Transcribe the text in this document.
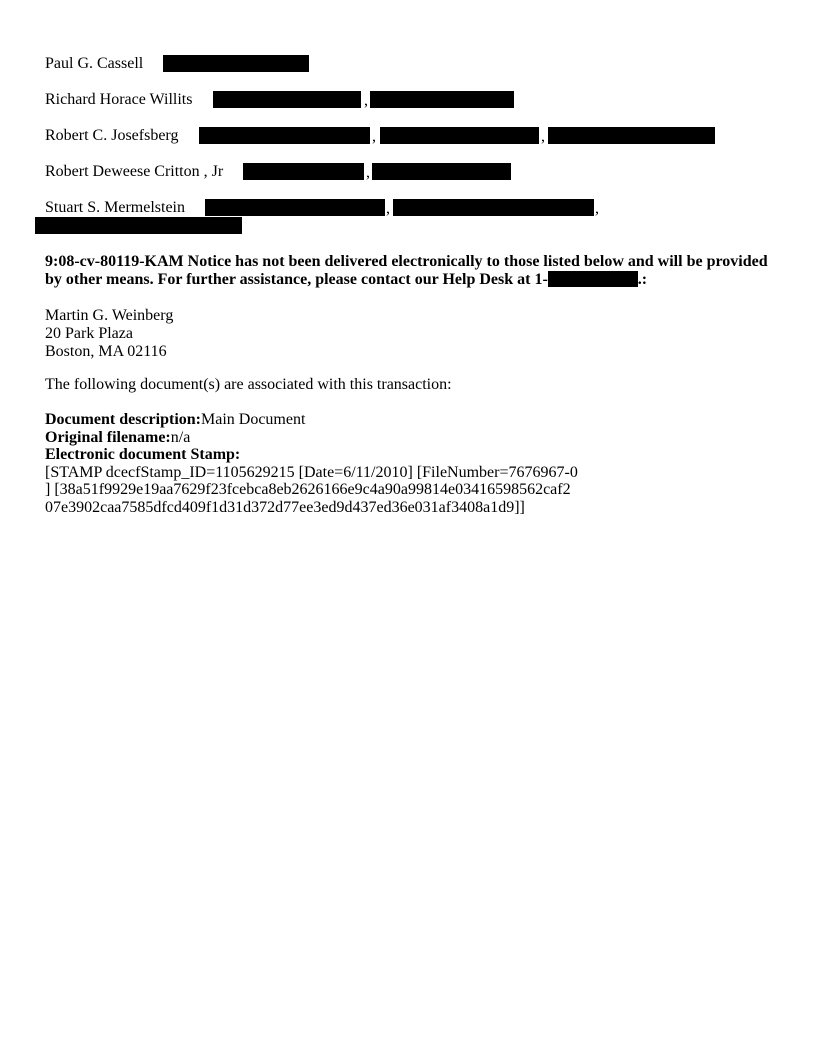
Paul G. Cassell
Richard Horace Willits	,
Robert C. Josefsberg	,	,
Robert Deweese Critton , Jr	,
Stuart S. Mermelstein	,	,
9:08-cv-80119-KAM Notice has not been delivered electronically to those listed below and will be provided by other means. For further assistance, please contact our Help Desk at 1-	.:
Martin G. Weinberg
20 Park Plaza
Boston, MA 02116
The following document(s) are associated with this transaction:
Document description:Main Document
Original filename:n/a
Electronic document Stamp:
[STAMP dcecfStamp_ID=1105629215 [Date=6/11/2010] [FileNumber=7676967-0
] [38a51f9929e19aa7629f23fcebca8eb2626166e9c4a90a99814e03416598562caf2
07e3902caa7585dfcd409f1d31d372d77ee3ed9d437ed36e031af3408a1d9]]
